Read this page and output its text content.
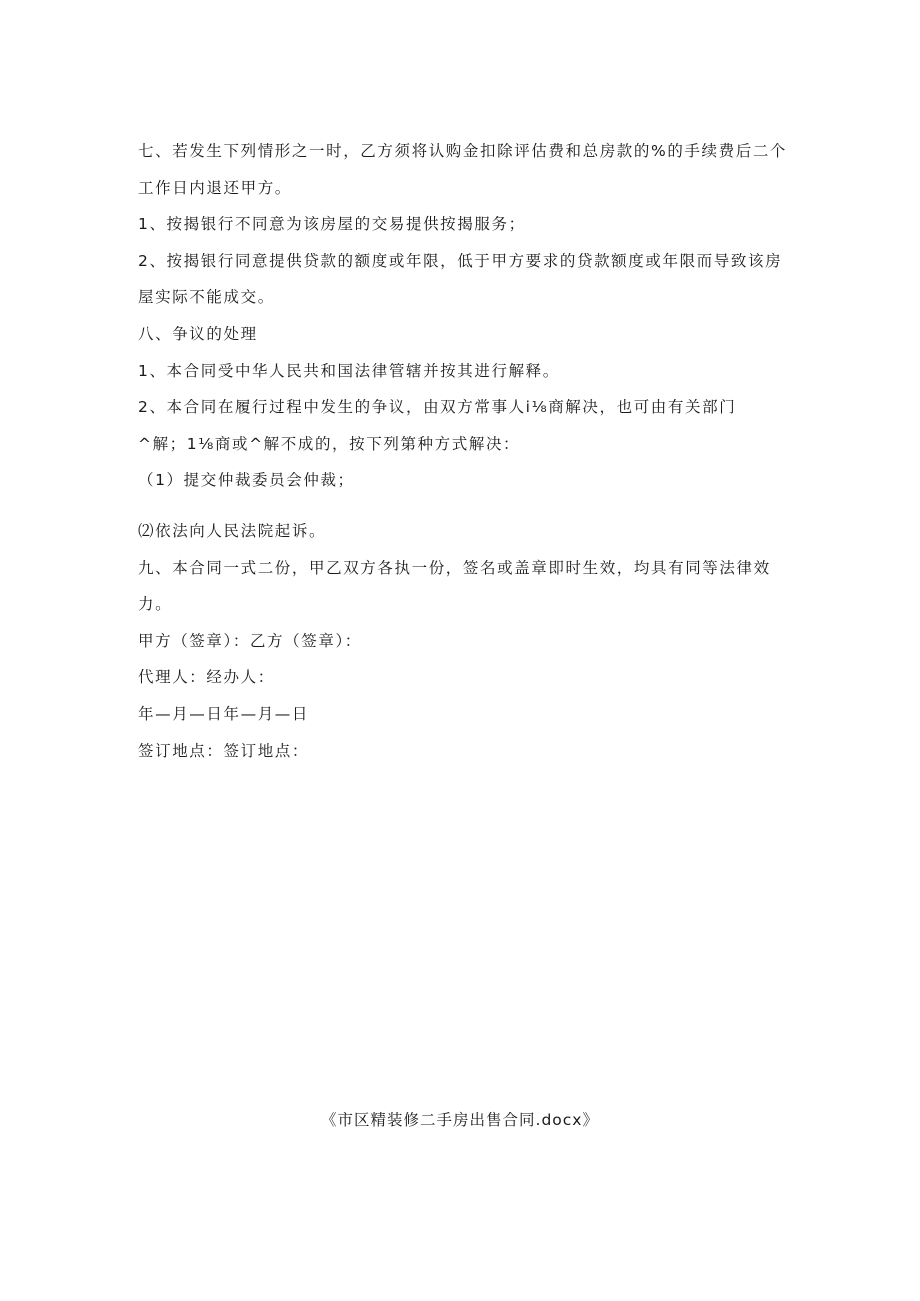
七、若发生下列情形之一时，乙方须将认购金扣除评估费和总房款的%的手续费后二个
工作日内退还甲方。
1、按揭银行不同意为该房屋的交易提供按揭服务；
2、按揭银行同意提供贷款的额度或年限，低于甲方要求的贷款额度或年限而导致该房
屋实际不能成交。
八、争议的处理
1、本合同受中华人民共和国法律管辖并按其进行解释。
2、本合同在履行过程中发生的争议，由双方常事人i⅛商解决，也可由有关部门
^解；1⅛商或^解不成的，按下列第种方式解决：
（1）提交仲裁委员会仲裁；
⑵依法向人民法院起诉。
九、本合同一式二份，甲乙双方各执一份，签名或盖章即时生效，均具有同等法律效
力。
甲方（签章）：乙方（签章）：
代理人：经办人：
年—月—日年—月—日
签订地点：签订地点：
《市区精装修二手房出售合同.docx》
